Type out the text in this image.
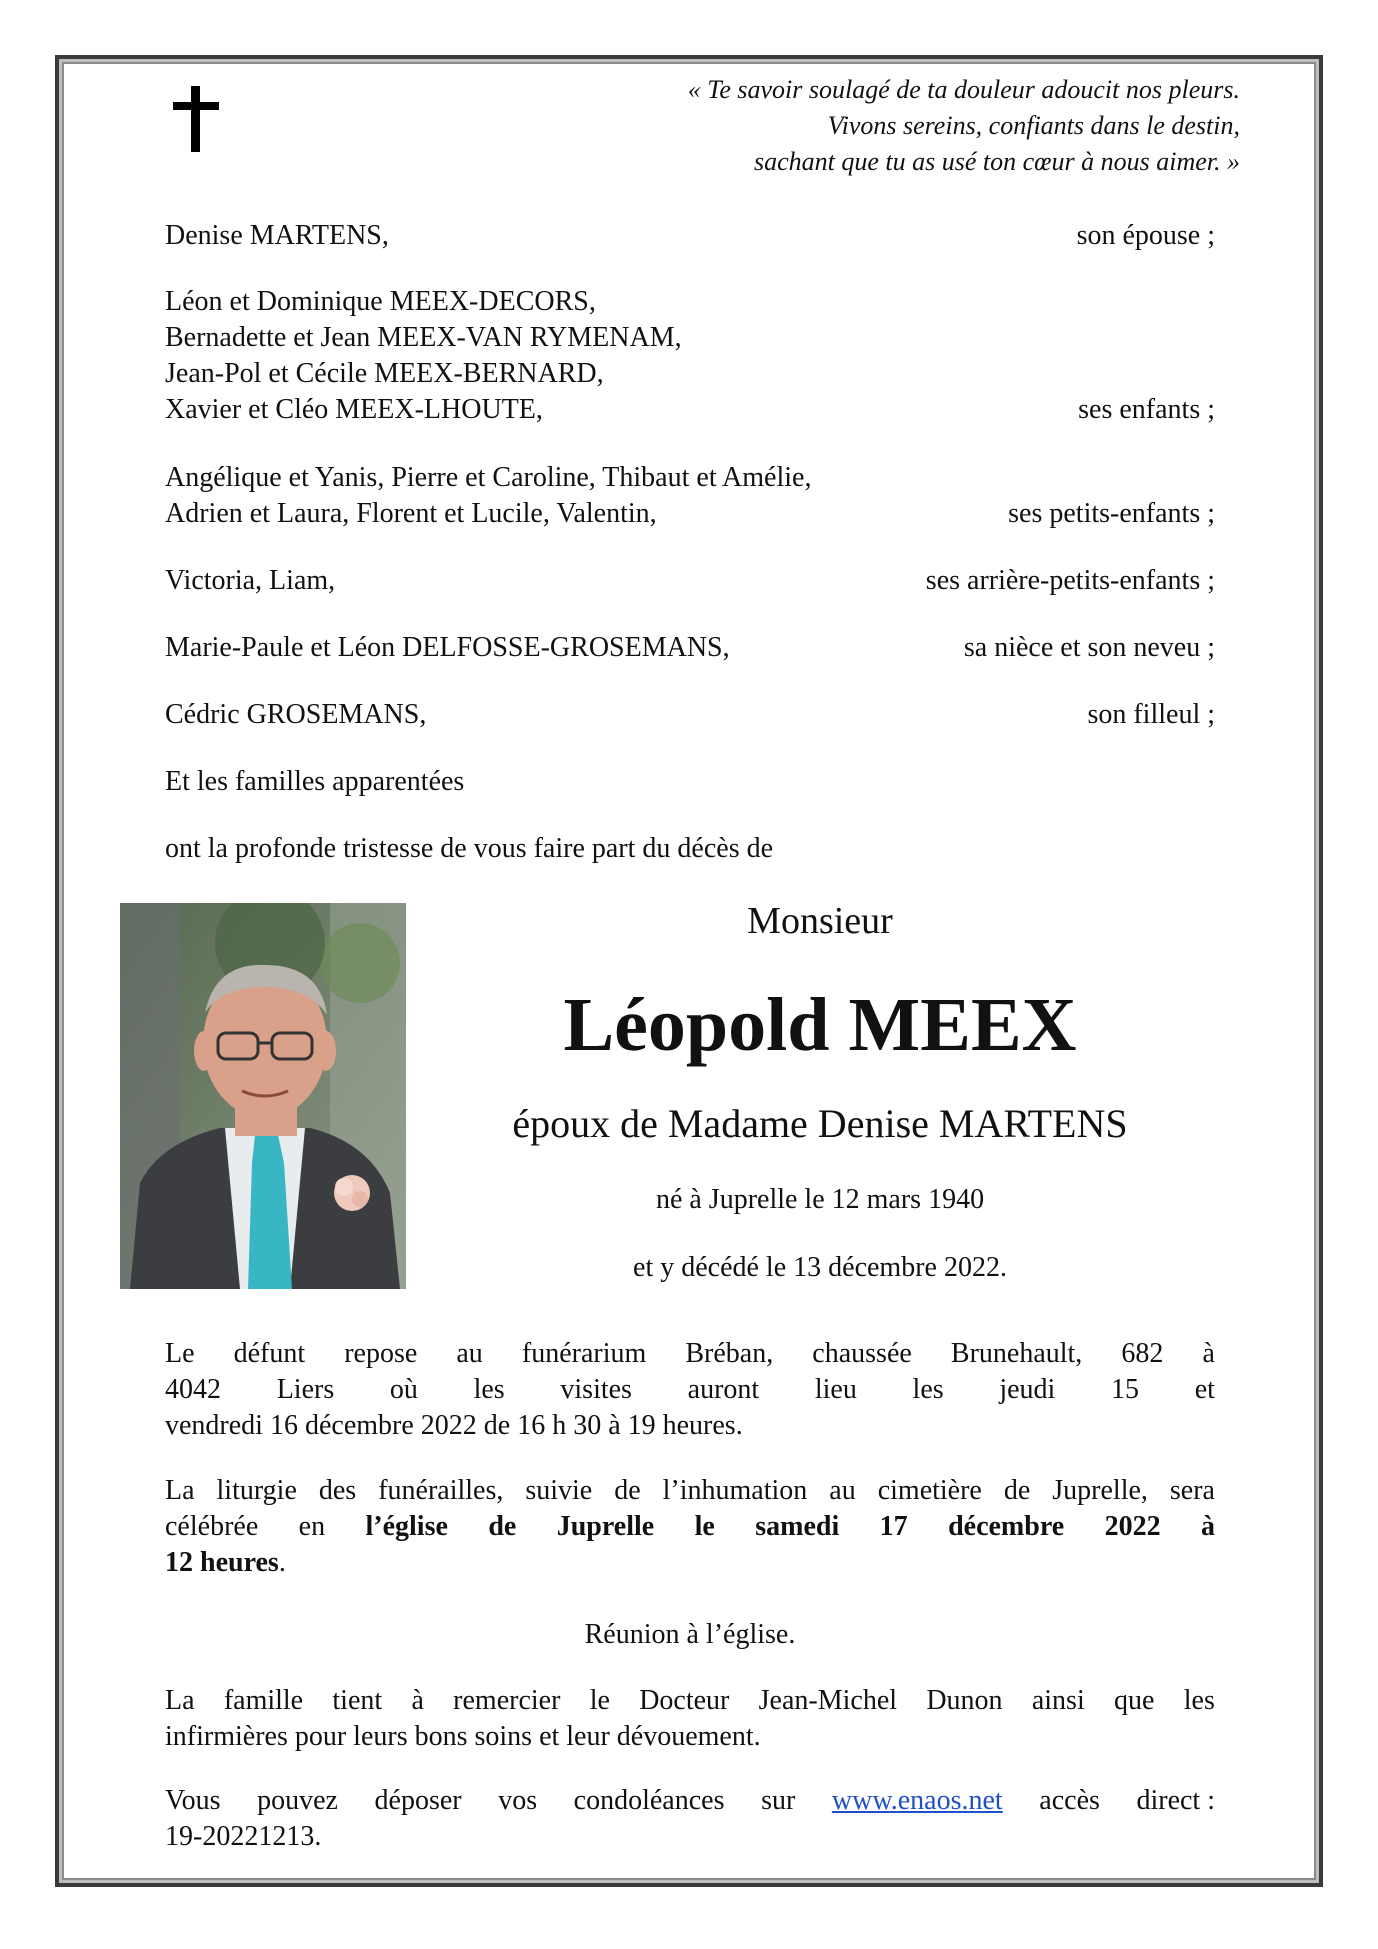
« Te savoir soulagé de ta douleur adoucit nos pleurs.
Vivons sereins, confiants dans le destin,
sachant que tu as usé ton cœur à nous aimer. »
Denise MARTENS,	son épouse ;
Léon et Dominique MEEX-DECORS,
Bernadette et Jean MEEX-VAN RYMENAM,
Jean-Pol et Cécile MEEX-BERNARD,
Xavier et Cléo MEEX-LHOUTE,	ses enfants ;
Angélique et Yanis, Pierre et Caroline, Thibaut et Amélie,
Adrien et Laura, Florent et Lucile, Valentin,	ses petits-enfants ;
Victoria, Liam,	ses arrière-petits-enfants ;
Marie-Paule et Léon DELFOSSE-GROSEMANS,	sa nièce et son neveu ;
Cédric GROSEMANS,	son filleul ;
Et les familles apparentées
ont la profonde tristesse de vous faire part du décès de
Monsieur
Léopold MEEX
époux de Madame Denise MARTENS
né à Juprelle le 12 mars 1940
et y décédé le 13 décembre 2022.
Le défunt repose au funérarium Bréban, chaussée Brunehault, 682 à
4042 Liers où les visites auront lieu les jeudi 15 et
vendredi 16 décembre 2022 de 16 h 30 à 19 heures.
La liturgie des funérailles, suivie de l’inhumation au cimetière de Juprelle, sera
célébrée en l’église de Juprelle le samedi 17 décembre 2022 à
12 heures.
Réunion à l’église.
La famille tient à remercier le Docteur Jean-Michel Dunon ainsi que les
infirmières pour leurs bons soins et leur dévouement.
Vous pouvez déposer vos condoléances sur www.enaos.net accès direct :
19-20221213.
